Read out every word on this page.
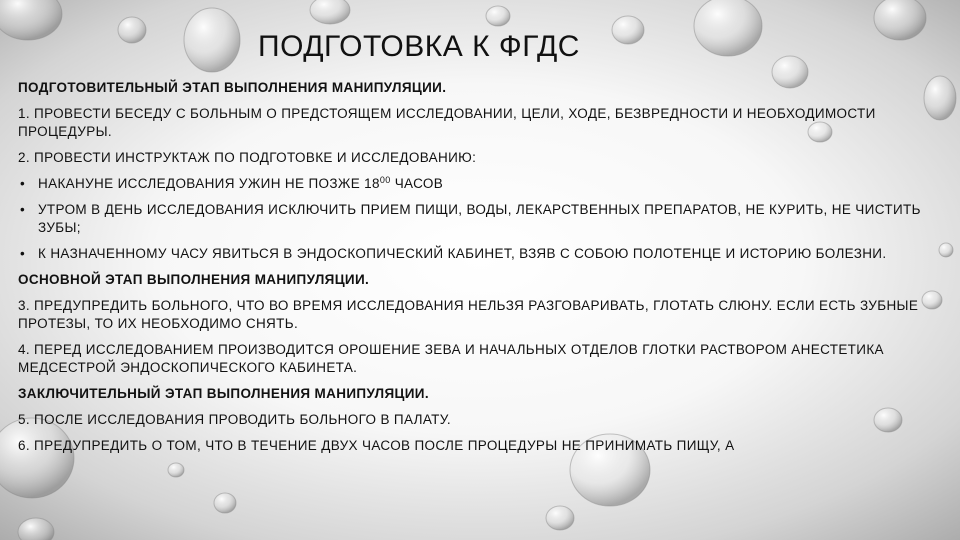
ПОДГОТОВКА К ФГДС

ПОДГОТОВИТЕЛЬНЫЙ ЭТАП ВЫПОЛНЕНИЯ МАНИПУЛЯЦИИ.

1. ПРОВЕСТИ БЕСЕДУ С БОЛЬНЫМ О ПРЕДСТОЯЩЕМ ИССЛЕДОВАНИИ, ЦЕЛИ, ХОДЕ, БЕЗВРЕДНОСТИ И НЕОБХОДИМОСТИ ПРОЦЕДУРЫ.

2. ПРОВЕСТИ ИНСТРУКТАЖ ПО ПОДГОТОВКЕ И ИССЛЕДОВАНИЮ:

• НАКАНУНЕ ИССЛЕДОВАНИЯ УЖИН НЕ ПОЗЖЕ $18^{00}$ ЧАСОВ

• УТРОМ В ДЕНЬ ИССЛЕДОВАНИЯ ИСКЛЮЧИТЬ ПРИЕМ ПИЩИ, ВОДЫ, ЛЕКАРСТВЕННЫХ ПРЕПАРАТОВ, НЕ КУРИТЬ, НЕ ЧИСТИТЬ ЗУБЫ;

• К НАЗНАЧЕННОМУ ЧАСУ ЯВИТЬСЯ В ЭНДОСКОПИЧЕСКИЙ КАБИНЕТ, ВЗЯВ С СОБОЮ ПОЛОТЕНЦЕ И ИСТОРИЮ БОЛЕЗНИ.

ОСНОВНОЙ ЭТАП ВЫПОЛНЕНИЯ МАНИПУЛЯЦИИ.

3. ПРЕДУПРЕДИТЬ БОЛЬНОГО, ЧТО ВО ВРЕМЯ ИССЛЕДОВАНИЯ НЕЛЬЗЯ РАЗГОВАРИВАТЬ, ГЛОТАТЬ СЛЮНУ. ЕСЛИ ЕСТЬ ЗУБНЫЕ ПРОТЕЗЫ, ТО ИХ НЕОБХОДИМО СНЯТЬ.

4. ПЕРЕД ИССЛЕДОВАНИЕМ ПРОИЗВОДИТСЯ ОРОШЕНИЕ ЗЕВА И НАЧАЛЬНЫХ ОТДЕЛОВ ГЛОТКИ РАСТВОРОМ АНЕСТЕТИКА МЕДСЕСТРОЙ ЭНДОСКОПИЧЕСКОГО КАБИНЕТА.

ЗАКЛЮЧИТЕЛЬНЫЙ ЭТАП ВЫПОЛНЕНИЯ МАНИПУЛЯЦИИ.

5. ПОСЛЕ ИССЛЕДОВАНИЯ ПРОВОДИТЬ БОЛЬНОГО В ПАЛАТУ.

6. ПРЕДУПРЕДИТЬ О ТОМ, ЧТО В ТЕЧЕНИЕ ДВУХ ЧАСОВ ПОСЛЕ ПРОЦЕДУРЫ НЕ ПРИНИМАТЬ ПИЩУ, А
